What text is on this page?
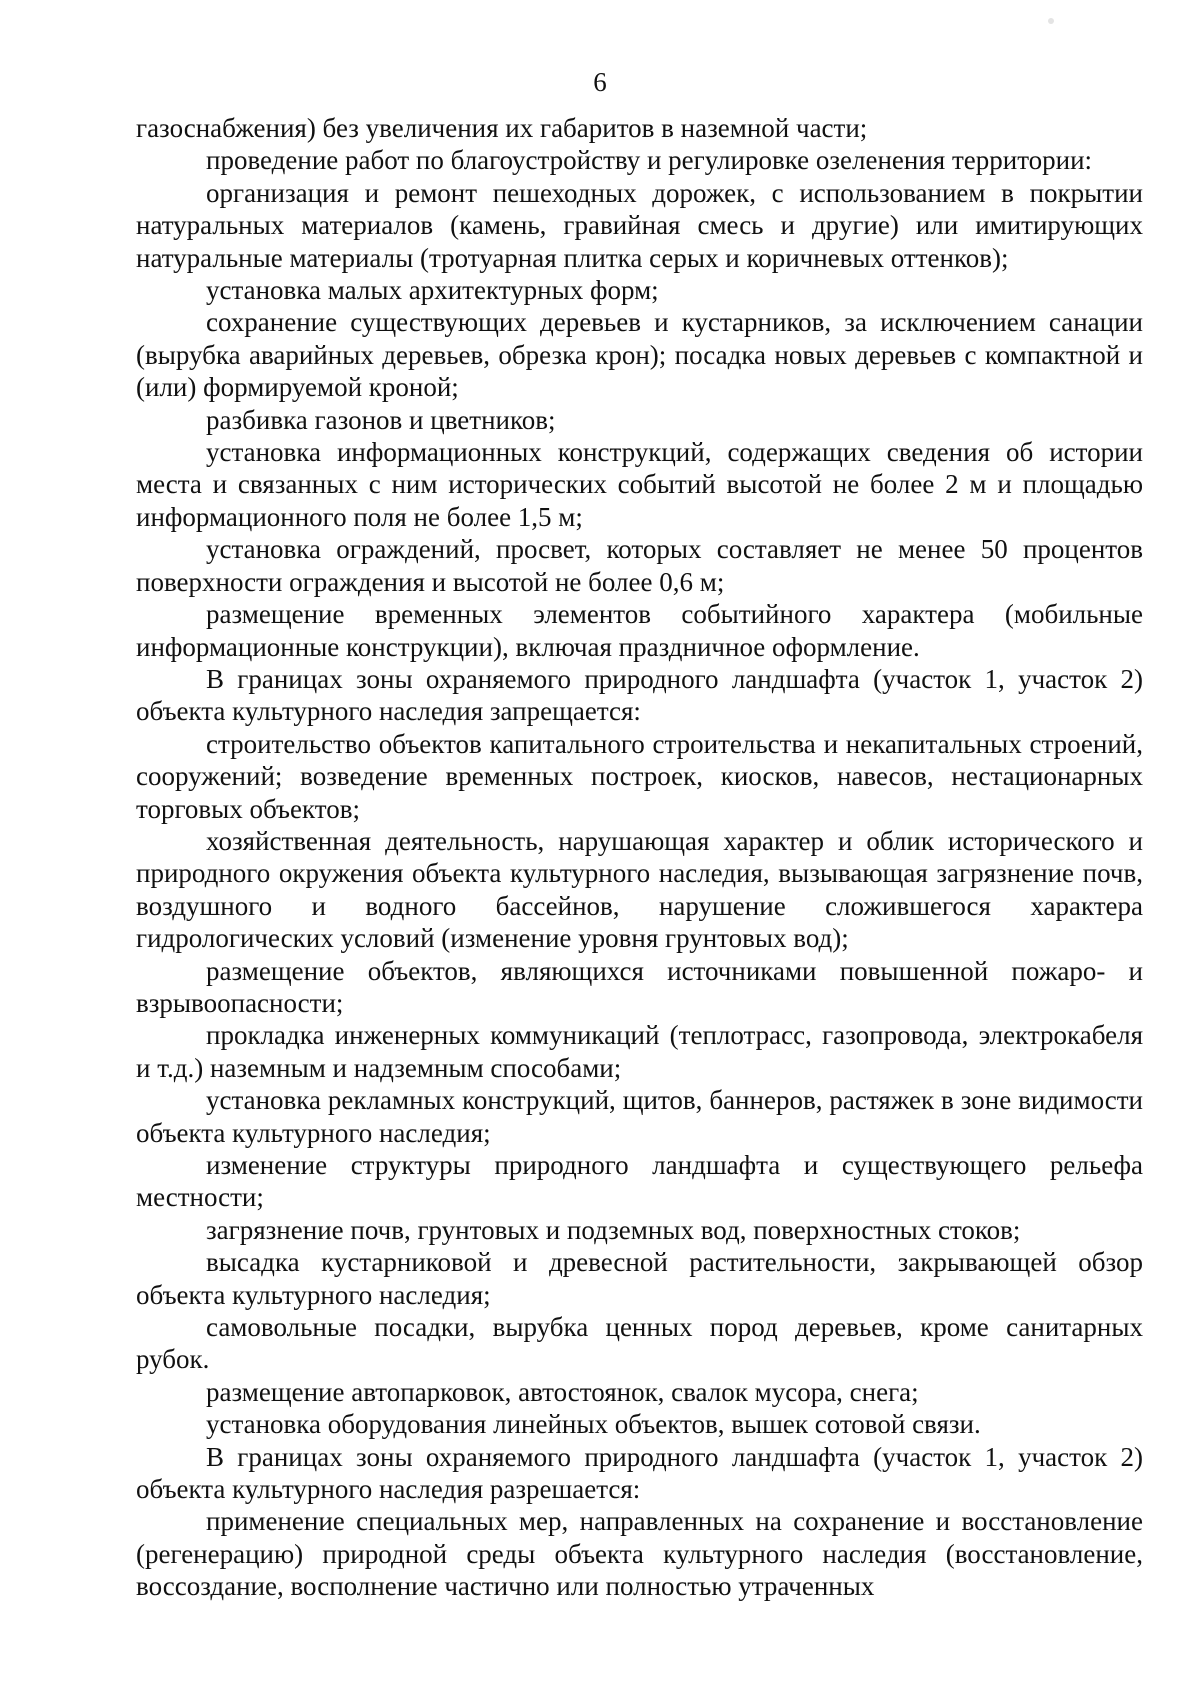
6

газоснабжения) без увеличения их габаритов в наземной части;

проведение работ по благоустройству и регулировке озеленения территории:

организация и ремонт пешеходных дорожек, с использованием в покрытии натуральных материалов (камень, гравийная смесь и другие) или имитирующих натуральные материалы (тротуарная плитка серых и коричневых оттенков);

установка малых архитектурных форм;

сохранение существующих деревьев и кустарников, за исключением санации (вырубка аварийных деревьев, обрезка крон); посадка новых деревьев с компактной и (или) формируемой кроной;

разбивка газонов и цветников;

установка информационных конструкций, содержащих сведения об истории места и связанных с ним исторических событий высотой не более 2 м и площадью информационного поля не более 1,5 м;

установка ограждений, просвет, которых составляет не менее 50 процентов поверхности ограждения и высотой не более 0,6 м;

размещение временных элементов событийного характера (мобильные информационные конструкции), включая праздничное оформление.

В границах зоны охраняемого природного ландшафта (участок 1, участок 2) объекта культурного наследия запрещается:

строительство объектов капитального строительства и некапитальных строений, сооружений; возведение временных построек, киосков, навесов, нестационарных торговых объектов;

хозяйственная деятельность, нарушающая характер и облик исторического и природного окружения объекта культурного наследия, вызывающая загрязнение почв, воздушного и водного бассейнов, нарушение сложившегося характера гидрологических условий (изменение уровня грунтовых вод);

размещение объектов, являющихся источниками повышенной пожаро- и взрывоопасности;

прокладка инженерных коммуникаций (теплотрасс, газопровода, электрокабеля и т.д.) наземным и надземным способами;

установка рекламных конструкций, щитов, баннеров, растяжек в зоне видимости объекта культурного наследия;

изменение структуры природного ландшафта и существующего рельефа местности;

загрязнение почв, грунтовых и подземных вод, поверхностных стоков;

высадка кустарниковой и древесной растительности, закрывающей обзор объекта культурного наследия;

самовольные посадки, вырубка ценных пород деревьев, кроме санитарных рубок.

размещение автопарковок, автостоянок, свалок мусора, снега;

установка оборудования линейных объектов, вышек сотовой связи.

В границах зоны охраняемого природного ландшафта (участок 1, участок 2) объекта культурного наследия разрешается:

применение специальных мер, направленных на сохранение и восстановление (регенерацию) природной среды объекта культурного наследия (восстановление, воссоздание, восполнение частично или полностью утраченных
